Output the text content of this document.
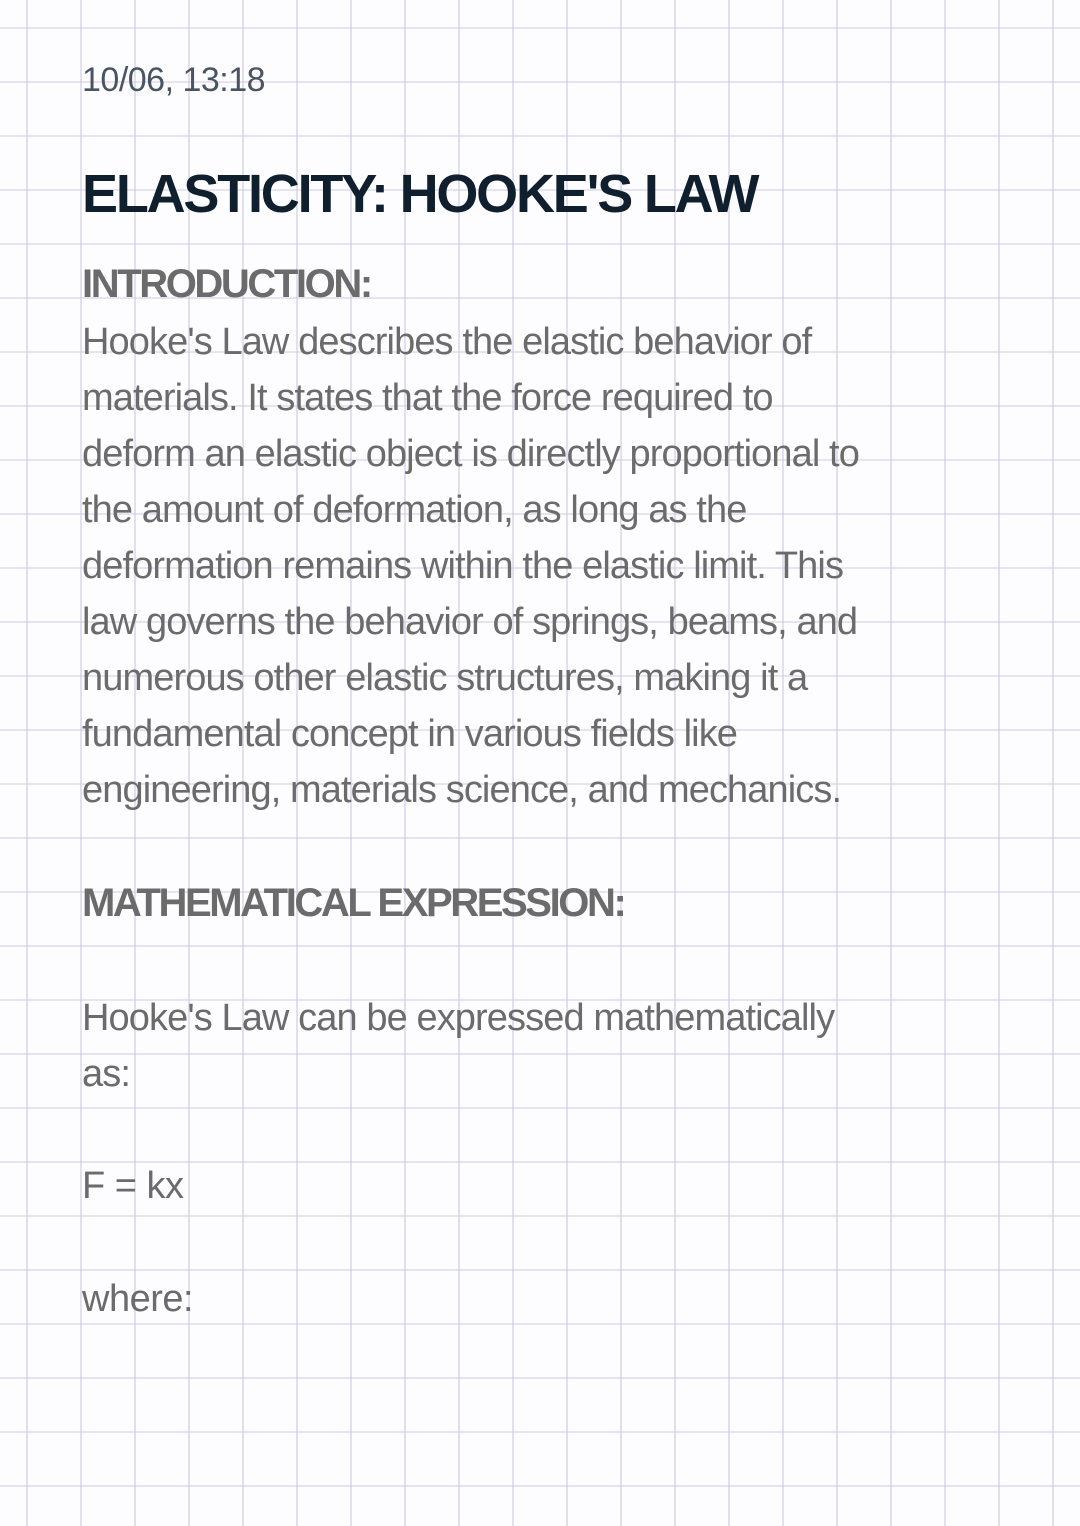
10/06, 13:18
ELASTICITY: HOOKE'S LAW
INTRODUCTION:

Hooke's Law describes the elastic behavior of
materials. It states that the force required to
deform an elastic object is directly proportional to
the amount of deformation, as long as the
deformation remains within the elastic limit. This
law governs the behavior of springs, beams, and
numerous other elastic structures, making it a
fundamental concept in various fields like
engineering, materials science, and mechanics.

MATHEMATICAL EXPRESSION:

Hooke's Law can be expressed mathematically
as:

F = kx
where:
